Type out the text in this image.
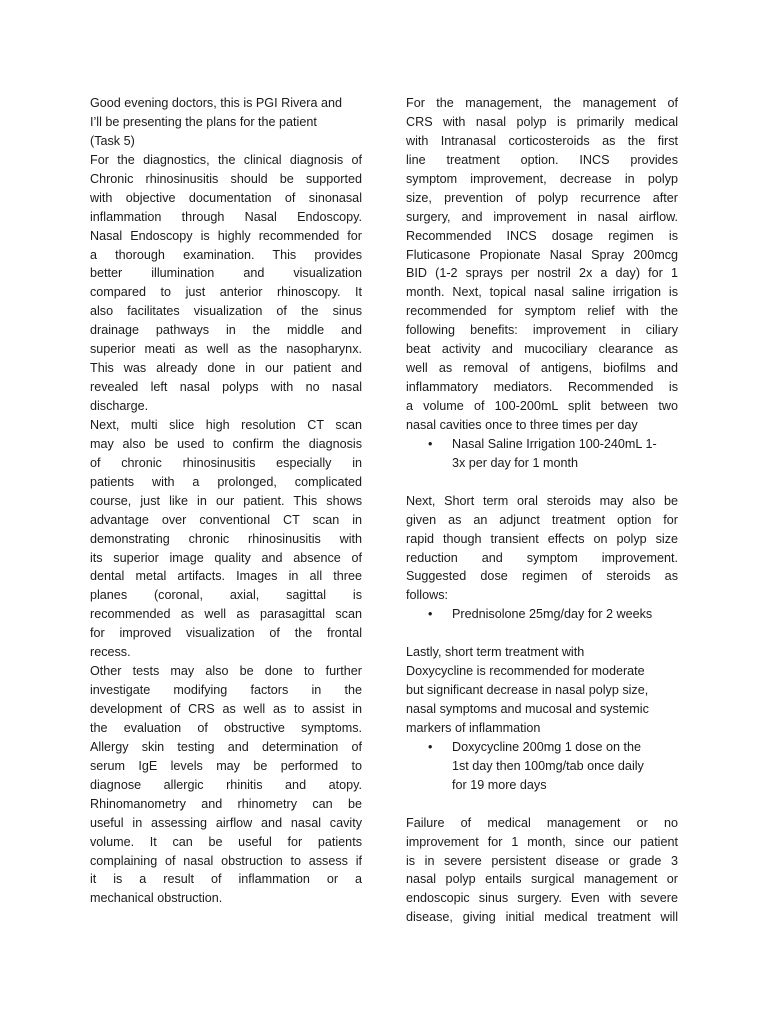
Good evening doctors, this is PGI Rivera and
I’ll be presenting the plans for the patient
(Task 5)
For the diagnostics, the clinical diagnosis of
Chronic rhinosinusitis should be supported
with objective documentation of sinonasal
inflammation through Nasal Endoscopy.
Nasal Endoscopy is highly recommended for
a thorough examination. This provides
better illumination and visualization
compared to just anterior rhinoscopy. It
also facilitates visualization of the sinus
drainage pathways in the middle and
superior meati as well as the nasopharynx.
This was already done in our patient and
revealed left nasal polyps with no nasal
discharge.
Next, multi slice high resolution CT scan
may also be used to confirm the diagnosis
of chronic rhinosinusitis especially in
patients with a prolonged, complicated
course, just like in our patient. This shows
advantage over conventional CT scan in
demonstrating chronic rhinosinusitis with
its superior image quality and absence of
dental metal artifacts. Images in all three
planes (coronal, axial, sagittal is
recommended as well as parasagittal scan
for improved visualization of the frontal
recess.
Other tests may also be done to further
investigate modifying factors in the
development of CRS as well as to assist in
the evaluation of obstructive symptoms.
Allergy skin testing and determination of
serum IgE levels may be performed to
diagnose allergic rhinitis and atopy.
Rhinomanometry and rhinometry can be
useful in assessing airflow and nasal cavity
volume. It can be useful for patients
complaining of nasal obstruction to assess if
it is a result of inflammation or a
mechanical obstruction.
For the management, the management of
CRS with nasal polyp is primarily medical
with Intranasal corticosteroids as the first
line treatment option. INCS provides
symptom improvement, decrease in polyp
size, prevention of polyp recurrence after
surgery, and improvement in nasal airflow.
Recommended INCS dosage regimen is
Fluticasone Propionate Nasal Spray 200mcg
BID (1-2 sprays per nostril 2x a day) for 1
month. Next, topical nasal saline irrigation is
recommended for symptom relief with the
following benefits: improvement in ciliary
beat activity and mucociliary clearance as
well as removal of antigens, biofilms and
inflammatory mediators. Recommended is
a volume of 100-200mL split between two
nasal cavities once to three times per day
• Nasal Saline Irrigation 100-240mL 1-
3x per day for 1 month
Next, Short term oral steroids may also be
given as an adjunct treatment option for
rapid though transient effects on polyp size
reduction and symptom improvement.
Suggested dose regimen of steroids as
follows:
• Prednisolone 25mg/day for 2 weeks
Lastly, short term treatment with
Doxycycline is recommended for moderate
but significant decrease in nasal polyp size,
nasal symptoms and mucosal and systemic
markers of inflammation
• Doxycycline 200mg 1 dose on the
1st day then 100mg/tab once daily
for 19 more days
Failure of medical management or no
improvement for 1 month, since our patient
is in severe persistent disease or grade 3
nasal polyp entails surgical management or
endoscopic sinus surgery. Even with severe
disease, giving initial medical treatment will
